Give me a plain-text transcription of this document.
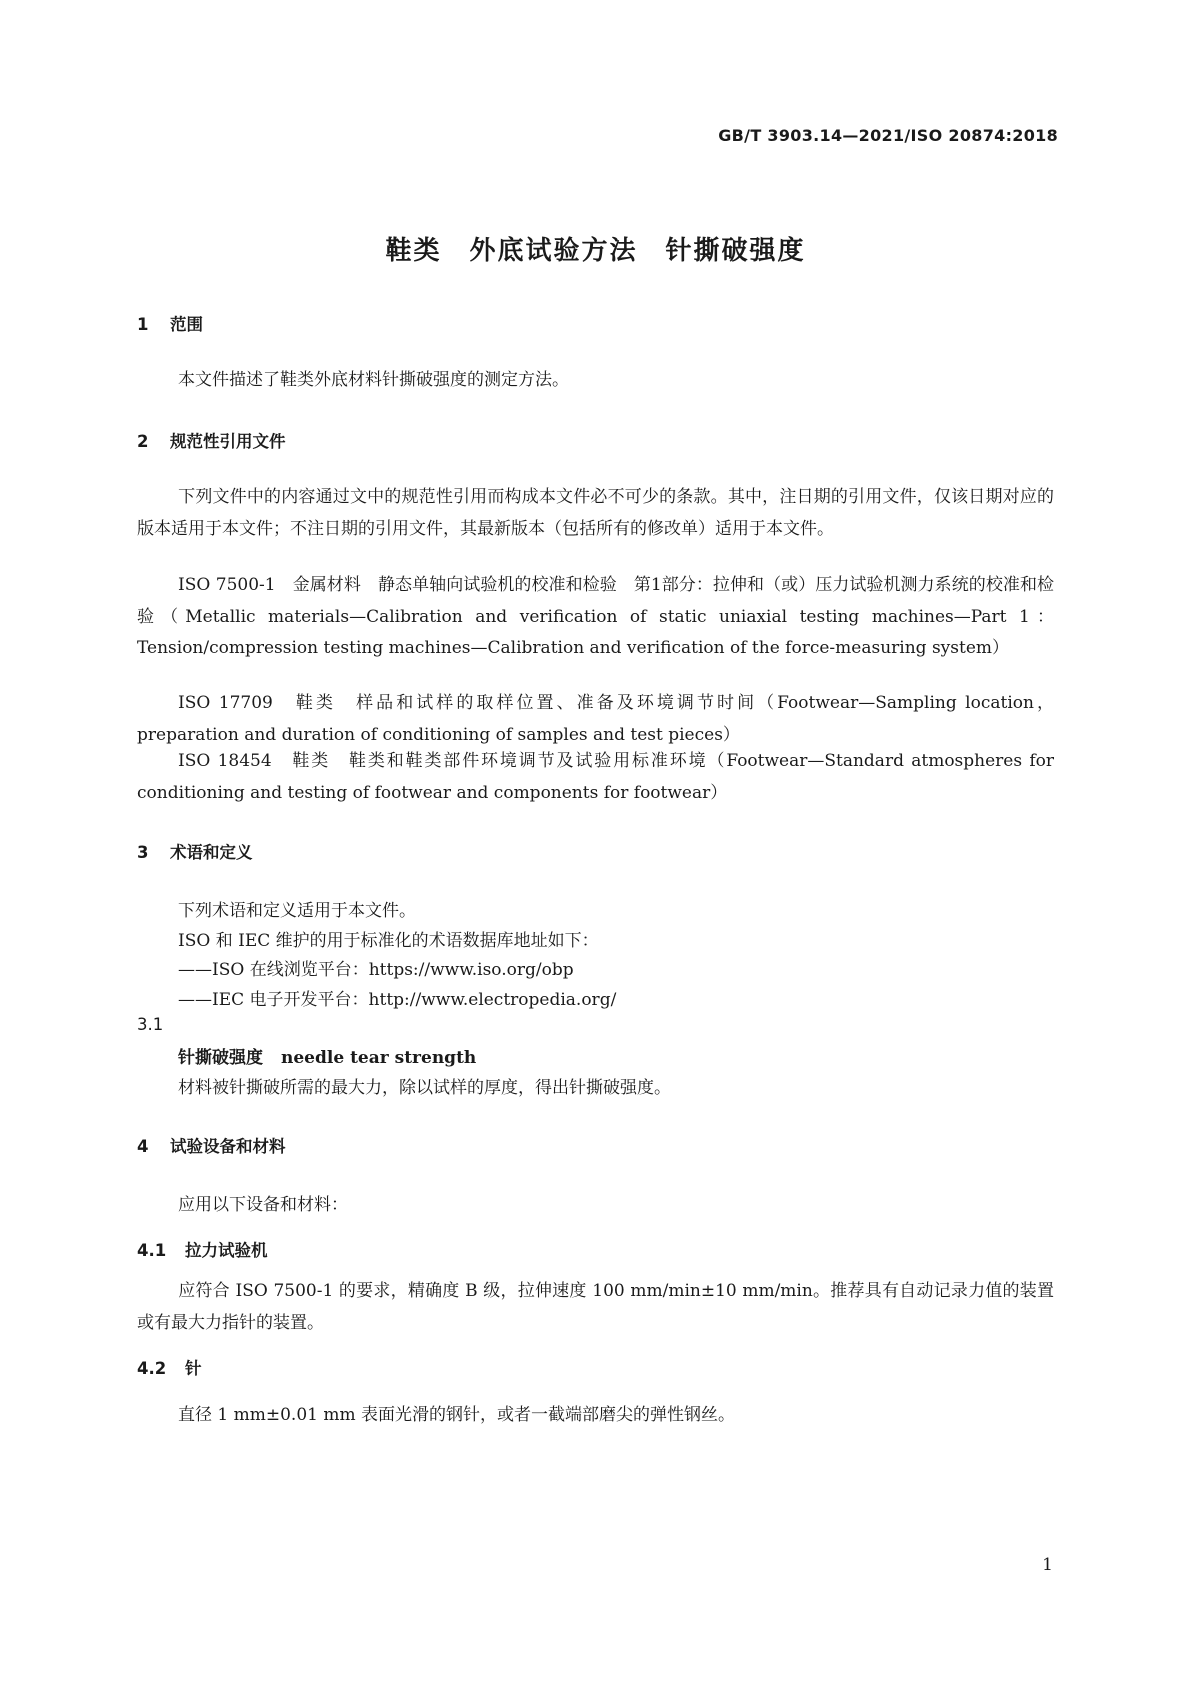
GB/T 3903.14—2021/ISO 20874:2018
鞋类　外底试验方法　针撕破强度
1 范围
本文件描述了鞋类外底材料针撕破强度的测定方法。
2 规范性引用文件
下列文件中的内容通过文中的规范性引用而构成本文件必不可少的条款。其中，注日期的引用文件，仅该日期对应的版本适用于本文件；不注日期的引用文件，其最新版本（包括所有的修改单）适用于本文件。
ISO 7500-1　金属材料　静态单轴向试验机的校准和检验　第1部分：拉伸和（或）压力试验机测力系统的校准和检验（Metallic materials—Calibration and verification of static uniaxial testing machines—Part 1：Tension/compression testing machines—Calibration and verification of the force-measuring system）
ISO 17709　鞋类　样品和试样的取样位置、准备及环境调节时间（Footwear—Sampling location，preparation and duration of conditioning of samples and test pieces）
ISO 18454　鞋类　鞋类和鞋类部件环境调节及试验用标准环境（Footwear—Standard atmospheres for conditioning and testing of footwear and components for footwear）
3 术语和定义
下列术语和定义适用于本文件。
ISO 和 IEC 维护的用于标准化的术语数据库地址如下：
——ISO 在线浏览平台：https://www.iso.org/obp
——IEC 电子开发平台：http://www.electropedia.org/
3.1
针撕破强度 needle tear strength
材料被针撕破所需的最大力，除以试样的厚度，得出针撕破强度。
4 试验设备和材料
应用以下设备和材料：
4.1 拉力试验机
应符合 ISO 7500-1 的要求，精确度 B 级，拉伸速度 100 mm/min±10 mm/min。推荐具有自动记录力值的装置或有最大力指针的装置。
4.2 针
直径 1 mm±0.01 mm 表面光滑的钢针，或者一截端部磨尖的弹性钢丝。
1
